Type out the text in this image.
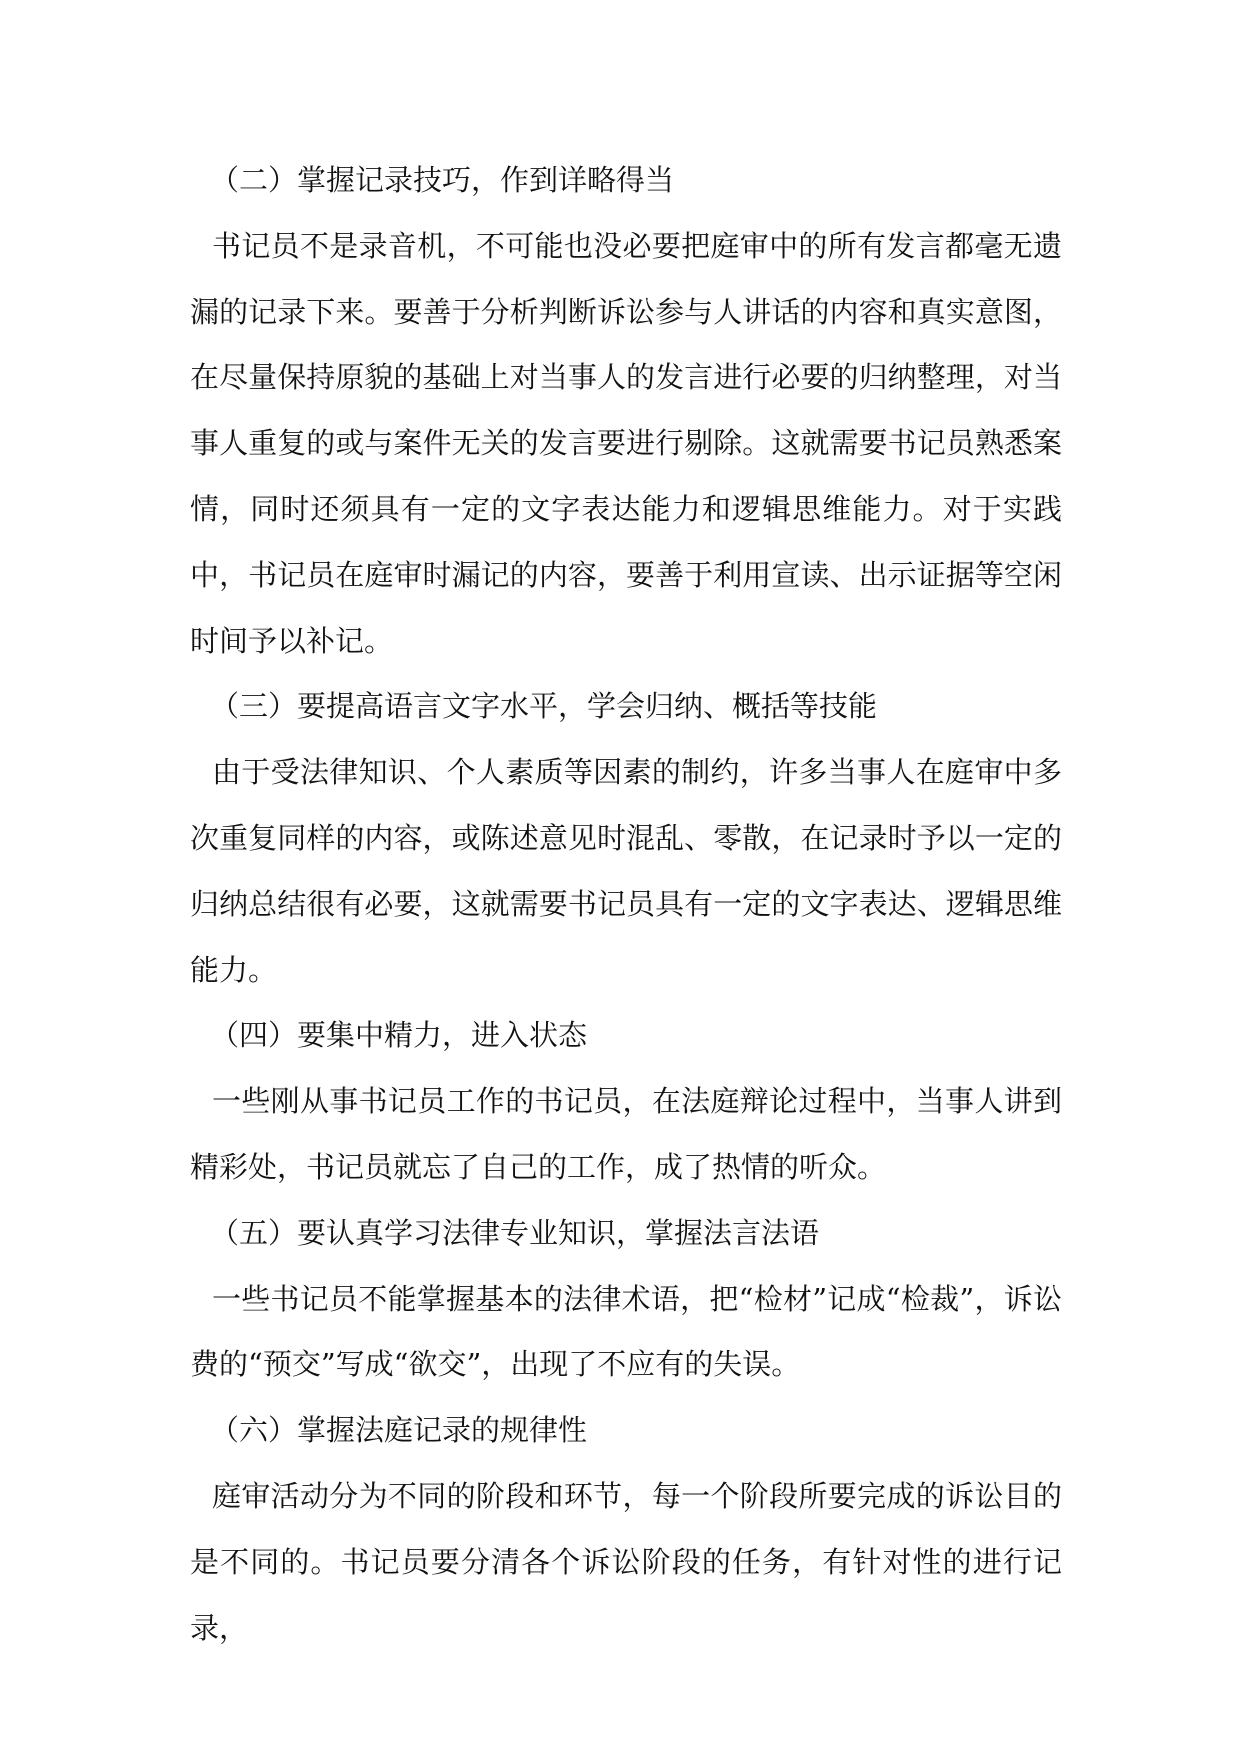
（二）掌握记录技巧，作到详略得当

书记员不是录音机，不可能也没必要把庭审中的所有发言都毫无遗漏的记录下来。要善于分析判断诉讼参与人讲话的内容和真实意图，在尽量保持原貌的基础上对当事人的发言进行必要的归纳整理，对当事人重复的或与案件无关的发言要进行剔除。这就需要书记员熟悉案情，同时还须具有一定的文字表达能力和逻辑思维能力。对于实践中，书记员在庭审时漏记的内容，要善于利用宣读、出示证据等空闲时间予以补记。

（三）要提高语言文字水平，学会归纳、概括等技能

由于受法律知识、个人素质等因素的制约，许多当事人在庭审中多次重复同样的内容，或陈述意见时混乱、零散，在记录时予以一定的归纳总结很有必要，这就需要书记员具有一定的文字表达、逻辑思维能力。

（四）要集中精力，进入状态

一些刚从事书记员工作的书记员，在法庭辩论过程中，当事人讲到精彩处，书记员就忘了自己的工作，成了热情的听众。

（五）要认真学习法律专业知识，掌握法言法语

一些书记员不能掌握基本的法律术语，把“检材”记成“检裁”，诉讼费的“预交”写成“欲交”，出现了不应有的失误。

（六）掌握法庭记录的规律性

庭审活动分为不同的阶段和环节，每一个阶段所要完成的诉讼目的是不同的。书记员要分清各个诉讼阶段的任务，有针对性的进行记录，
